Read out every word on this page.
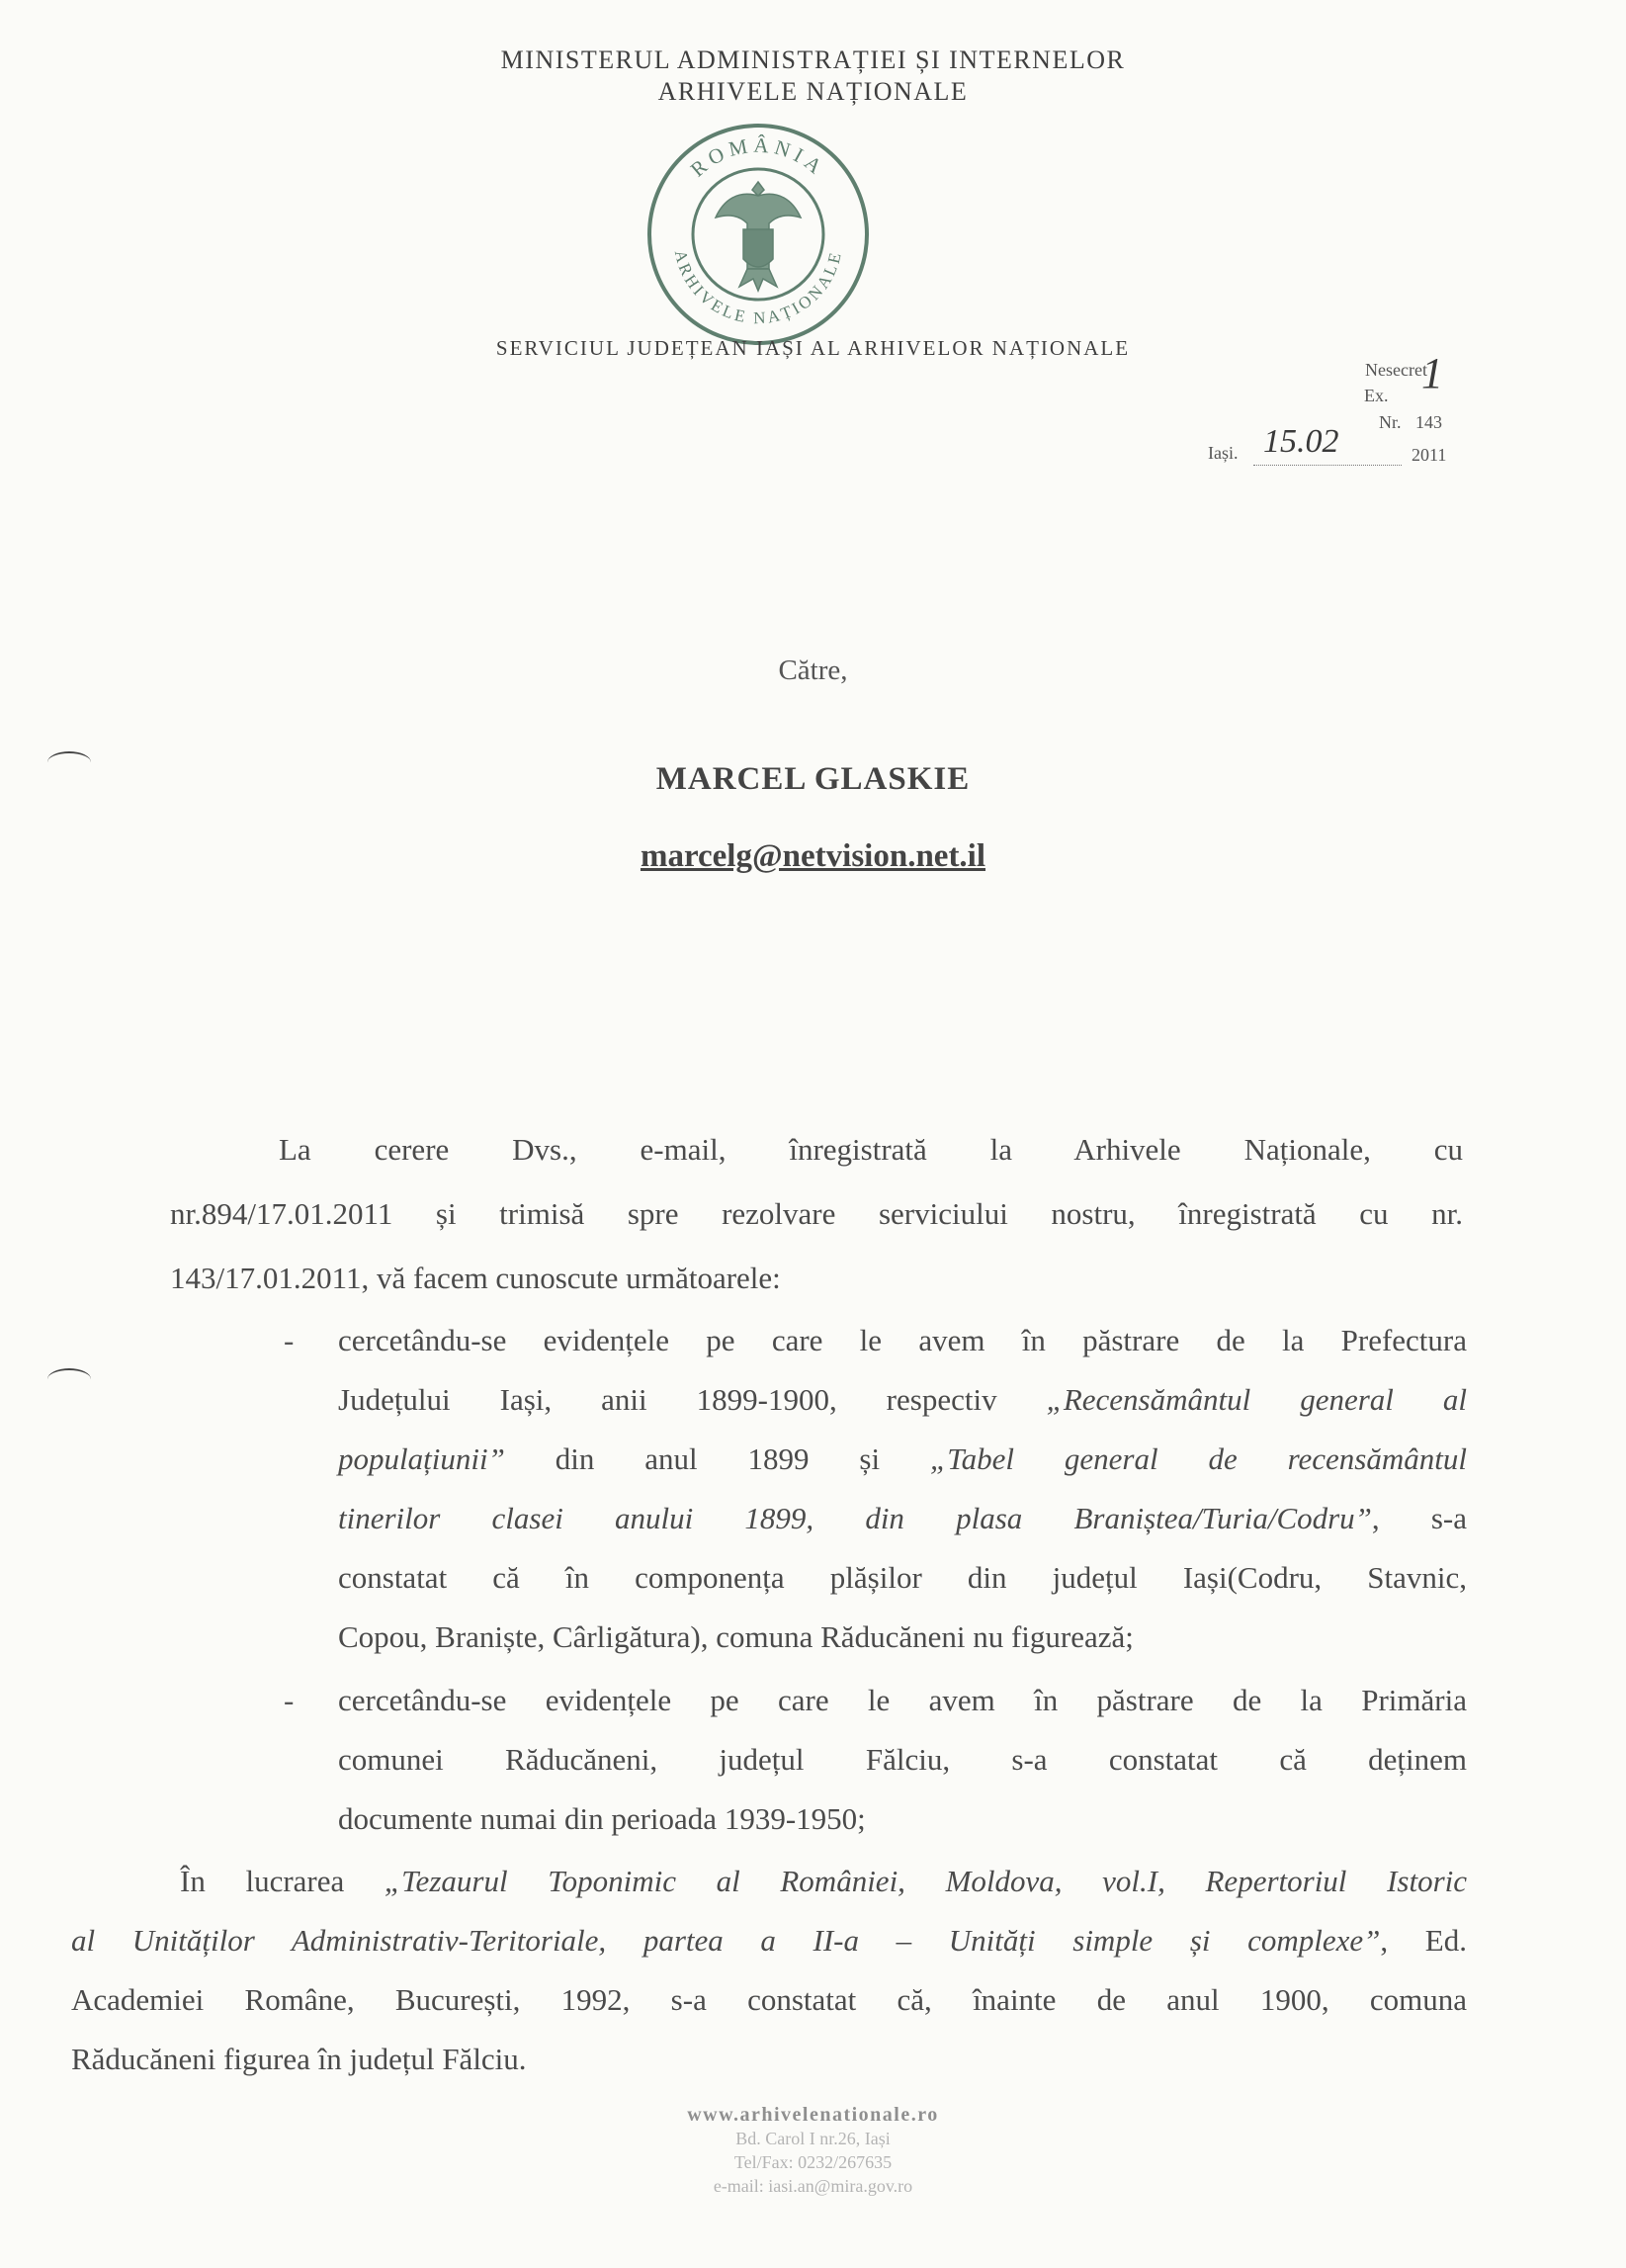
MINISTERUL ADMINISTRAȚIEI ȘI INTERNELOR
ARHIVELE NAȚIONALE
ROMÂNIA
ARHIVELE NAȚIONALE
SERVICIUL JUDEȚEAN IAȘI AL ARHIVELOR NAȚIONALE
Nesecret
Ex. 1
Nr. 143
Iași. 15.02	2011
Către,
MARCEL GLASKIE
marcelg@netvision.net.il
La cerere Dvs., e-mail, înregistrată la Arhivele Naționale, cu
nr.894/17.01.2011 și trimisă spre rezolvare serviciului nostru, înregistrată cu nr.
143/17.01.2011, vă facem cunoscute următoarele:
- cercetându-se evidențele pe care le avem în păstrare de la Prefectura
Județului Iași, anii 1899-1900, respectiv „Recensământul general al
populațiunii” din anul 1899 și „Tabel general de recensământul
tinerilor clasei anului 1899, din plasa Braniștea/Turia/Codru”, s-a
constatat că în componența plășilor din județul Iași(Codru, Stavnic,
Copou, Braniște, Cârligătura), comuna Răducăneni nu figurează;
- cercetându-se evidențele pe care le avem în păstrare de la Primăria
comunei Răducăneni, județul Fălciu, s-a constatat că deținem
documente numai din perioada 1939-1950;
În lucrarea „Tezaurul Toponimic al României, Moldova, vol.I, Repertoriul Istoric
al Unităților Administrativ-Teritoriale, partea a II-a – Unități simple și complexe”, Ed.
Academiei Române, București, 1992, s-a constatat că, înainte de anul 1900, comuna
Răducăneni figurea în județul Fălciu.
www.arhivelenationale.ro
Bd. Carol I nr.26, Iași
Tel/Fax: 0232/267635
e-mail: iasi.an@mira.gov.ro
